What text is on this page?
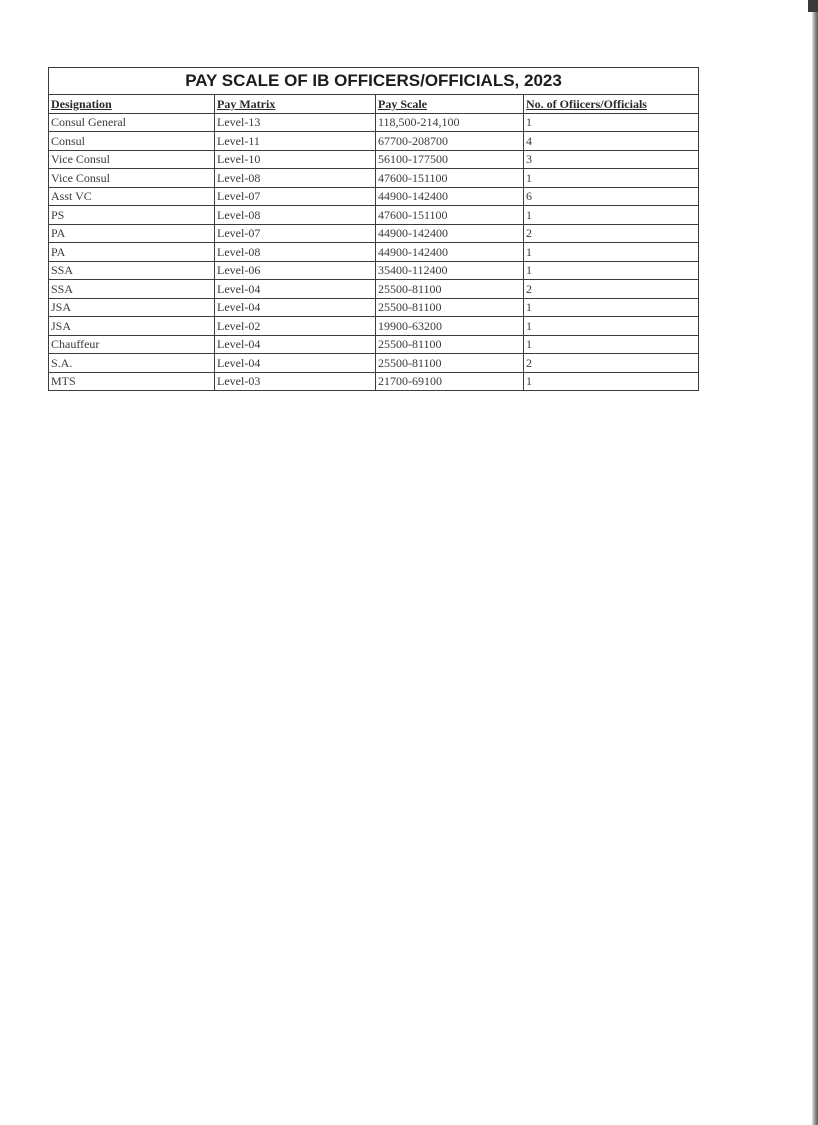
PAY SCALE OF IB OFFICERS/OFFICIALS, 2023			
Designation	Pay Matrix	Pay Scale	No. of Ofiicers/Officials
Consul General	Level-13	118,500-214,100	1
Consul	Level-11	67700-208700	4
Vice Consul	Level-10	56100-177500	3
Vice Consul	Level-08	47600-151100	1
Asst VC	Level-07	44900-142400	6
PS	Level-08	47600-151100	1
PA	Level-07	44900-142400	2
PA	Level-08	44900-142400	1
SSA	Level-06	35400-112400	1
SSA	Level-04	25500-81100	2
JSA	Level-04	25500-81100	1
JSA	Level-02	19900-63200	1
Chauffeur	Level-04	25500-81100	1
S.A.	Level-04	25500-81100	2
MTS	Level-03	21700-69100	1
